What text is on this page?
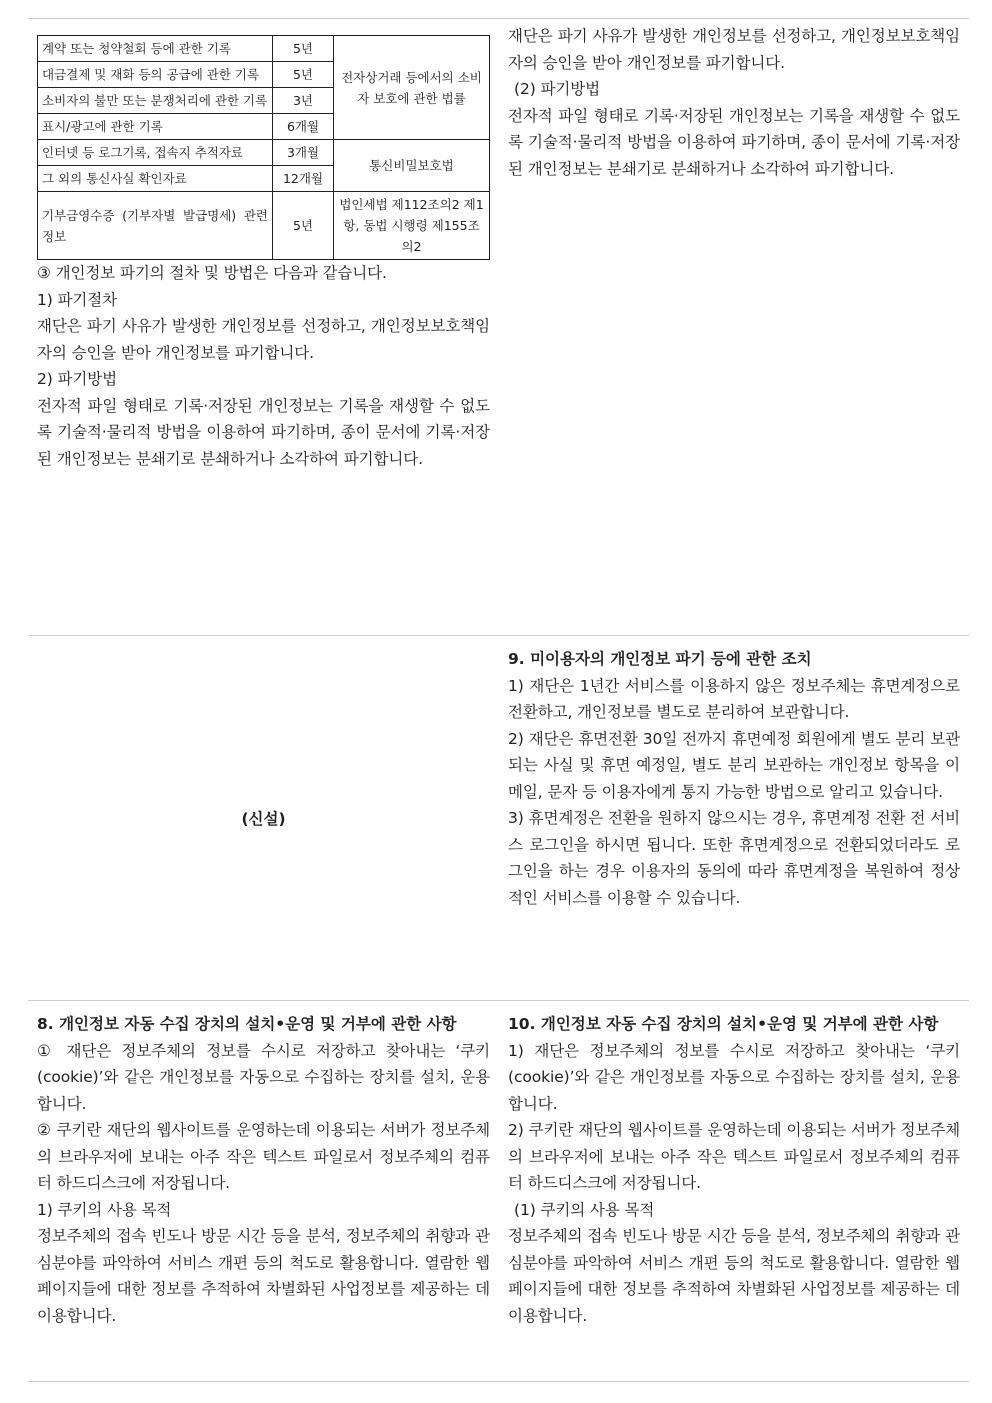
계약 또는 청약철회 등에 관한 기록	5년	전자상거래 등에서의 소비자 보호에 관한 법률
대금결제 및 재화 등의 공급에 관한 기록	5년	
소비자의 불만 또는 분쟁처리에 관한 기록	3년	
표시/광고에 관한 기록	6개월	
인터넷 등 로그기록, 접속지 추적자료	3개월	통신비밀보호법
그 외의 통신사실 확인자료	12개월	
기부금영수증 (기부자별 발급명세) 관련 정보	5년	법인세법 제112조의2 제1항, 동법 시행령 제155조의2

③ 개인정보 파기의 절차 및 방법은 다음과 같습니다.

1) 파기절차

재단은 파기 사유가 발생한 개인정보를 선정하고, 개인정보보호책임자의 승인을 받아 개인정보를 파기합니다.

2) 파기방법

전자적 파일 형태로 기록·저장된 개인정보는 기록을 재생할 수 없도록 기술적·물리적 방법을 이용하여 파기하며, 종이 문서에 기록·저장된 개인정보는 분쇄기로 분쇄하거나 소각하여 파기합니다.

재단은 파기 사유가 발생한 개인정보를 선정하고, 개인정보보호책임자의 승인을 받아 개인정보를 파기합니다.

(2) 파기방법

전자적 파일 형태로 기록·저장된 개인정보는 기록을 재생할 수 없도록 기술적·물리적 방법을 이용하여 파기하며, 종이 문서에 기록·저장된 개인정보는 분쇄기로 분쇄하거나 소각하여 파기합니다.

(신설)

9. 미이용자의 개인정보 파기 등에 관한 조치

1) 재단은 1년간 서비스를 이용하지 않은 정보주체는 휴면계정으로 전환하고, 개인정보를 별도로 분리하여 보관합니다.

2) 재단은 휴면전환 30일 전까지 휴면예정 회원에게 별도 분리 보관되는 사실 및 휴면 예정일, 별도 분리 보관하는 개인정보 항목을 이메일, 문자 등 이용자에게 통지 가능한 방법으로 알리고 있습니다.

3) 휴면계정은 전환을 원하지 않으시는 경우, 휴면계정 전환 전 서비스 로그인을 하시면 됩니다. 또한 휴면계정으로 전환되었더라도 로그인을 하는 경우 이용자의 동의에 따라 휴면계정을 복원하여 정상적인 서비스를 이용할 수 있습니다.

8. 개인정보 자동 수집 장치의 설치•운영 및 거부에 관한 사항

① 재단은 정보주체의 정보를 수시로 저장하고 찾아내는 ‘쿠키(cookie)’와 같은 개인정보를 자동으로 수집하는 장치를 설치, 운용합니다.

② 쿠키란 재단의 웹사이트를 운영하는데 이용되는 서버가 정보주체의 브라우저에 보내는 아주 작은 텍스트 파일로서 정보주체의 컴퓨터 하드디스크에 저장됩니다.

1) 쿠키의 사용 목적

정보주체의 접속 빈도나 방문 시간 등을 분석, 정보주체의 취향과 관심분야를 파악하여 서비스 개편 등의 척도로 활용합니다. 열람한 웹페이지들에 대한 정보를 추적하여 차별화된 사업정보를 제공하는 데 이용합니다.

10. 개인정보 자동 수집 장치의 설치•운영 및 거부에 관한 사항

1) 재단은 정보주체의 정보를 수시로 저장하고 찾아내는 ‘쿠키(cookie)’와 같은 개인정보를 자동으로 수집하는 장치를 설치, 운용합니다.

2) 쿠키란 재단의 웹사이트를 운영하는데 이용되는 서버가 정보주체의 브라우저에 보내는 아주 작은 텍스트 파일로서 정보주체의 컴퓨터 하드디스크에 저장됩니다.

(1) 쿠키의 사용 목적

정보주체의 접속 빈도나 방문 시간 등을 분석, 정보주체의 취향과 관심분야를 파악하여 서비스 개편 등의 척도로 활용합니다. 열람한 웹페이지들에 대한 정보를 추적하여 차별화된 사업정보를 제공하는 데 이용합니다.
